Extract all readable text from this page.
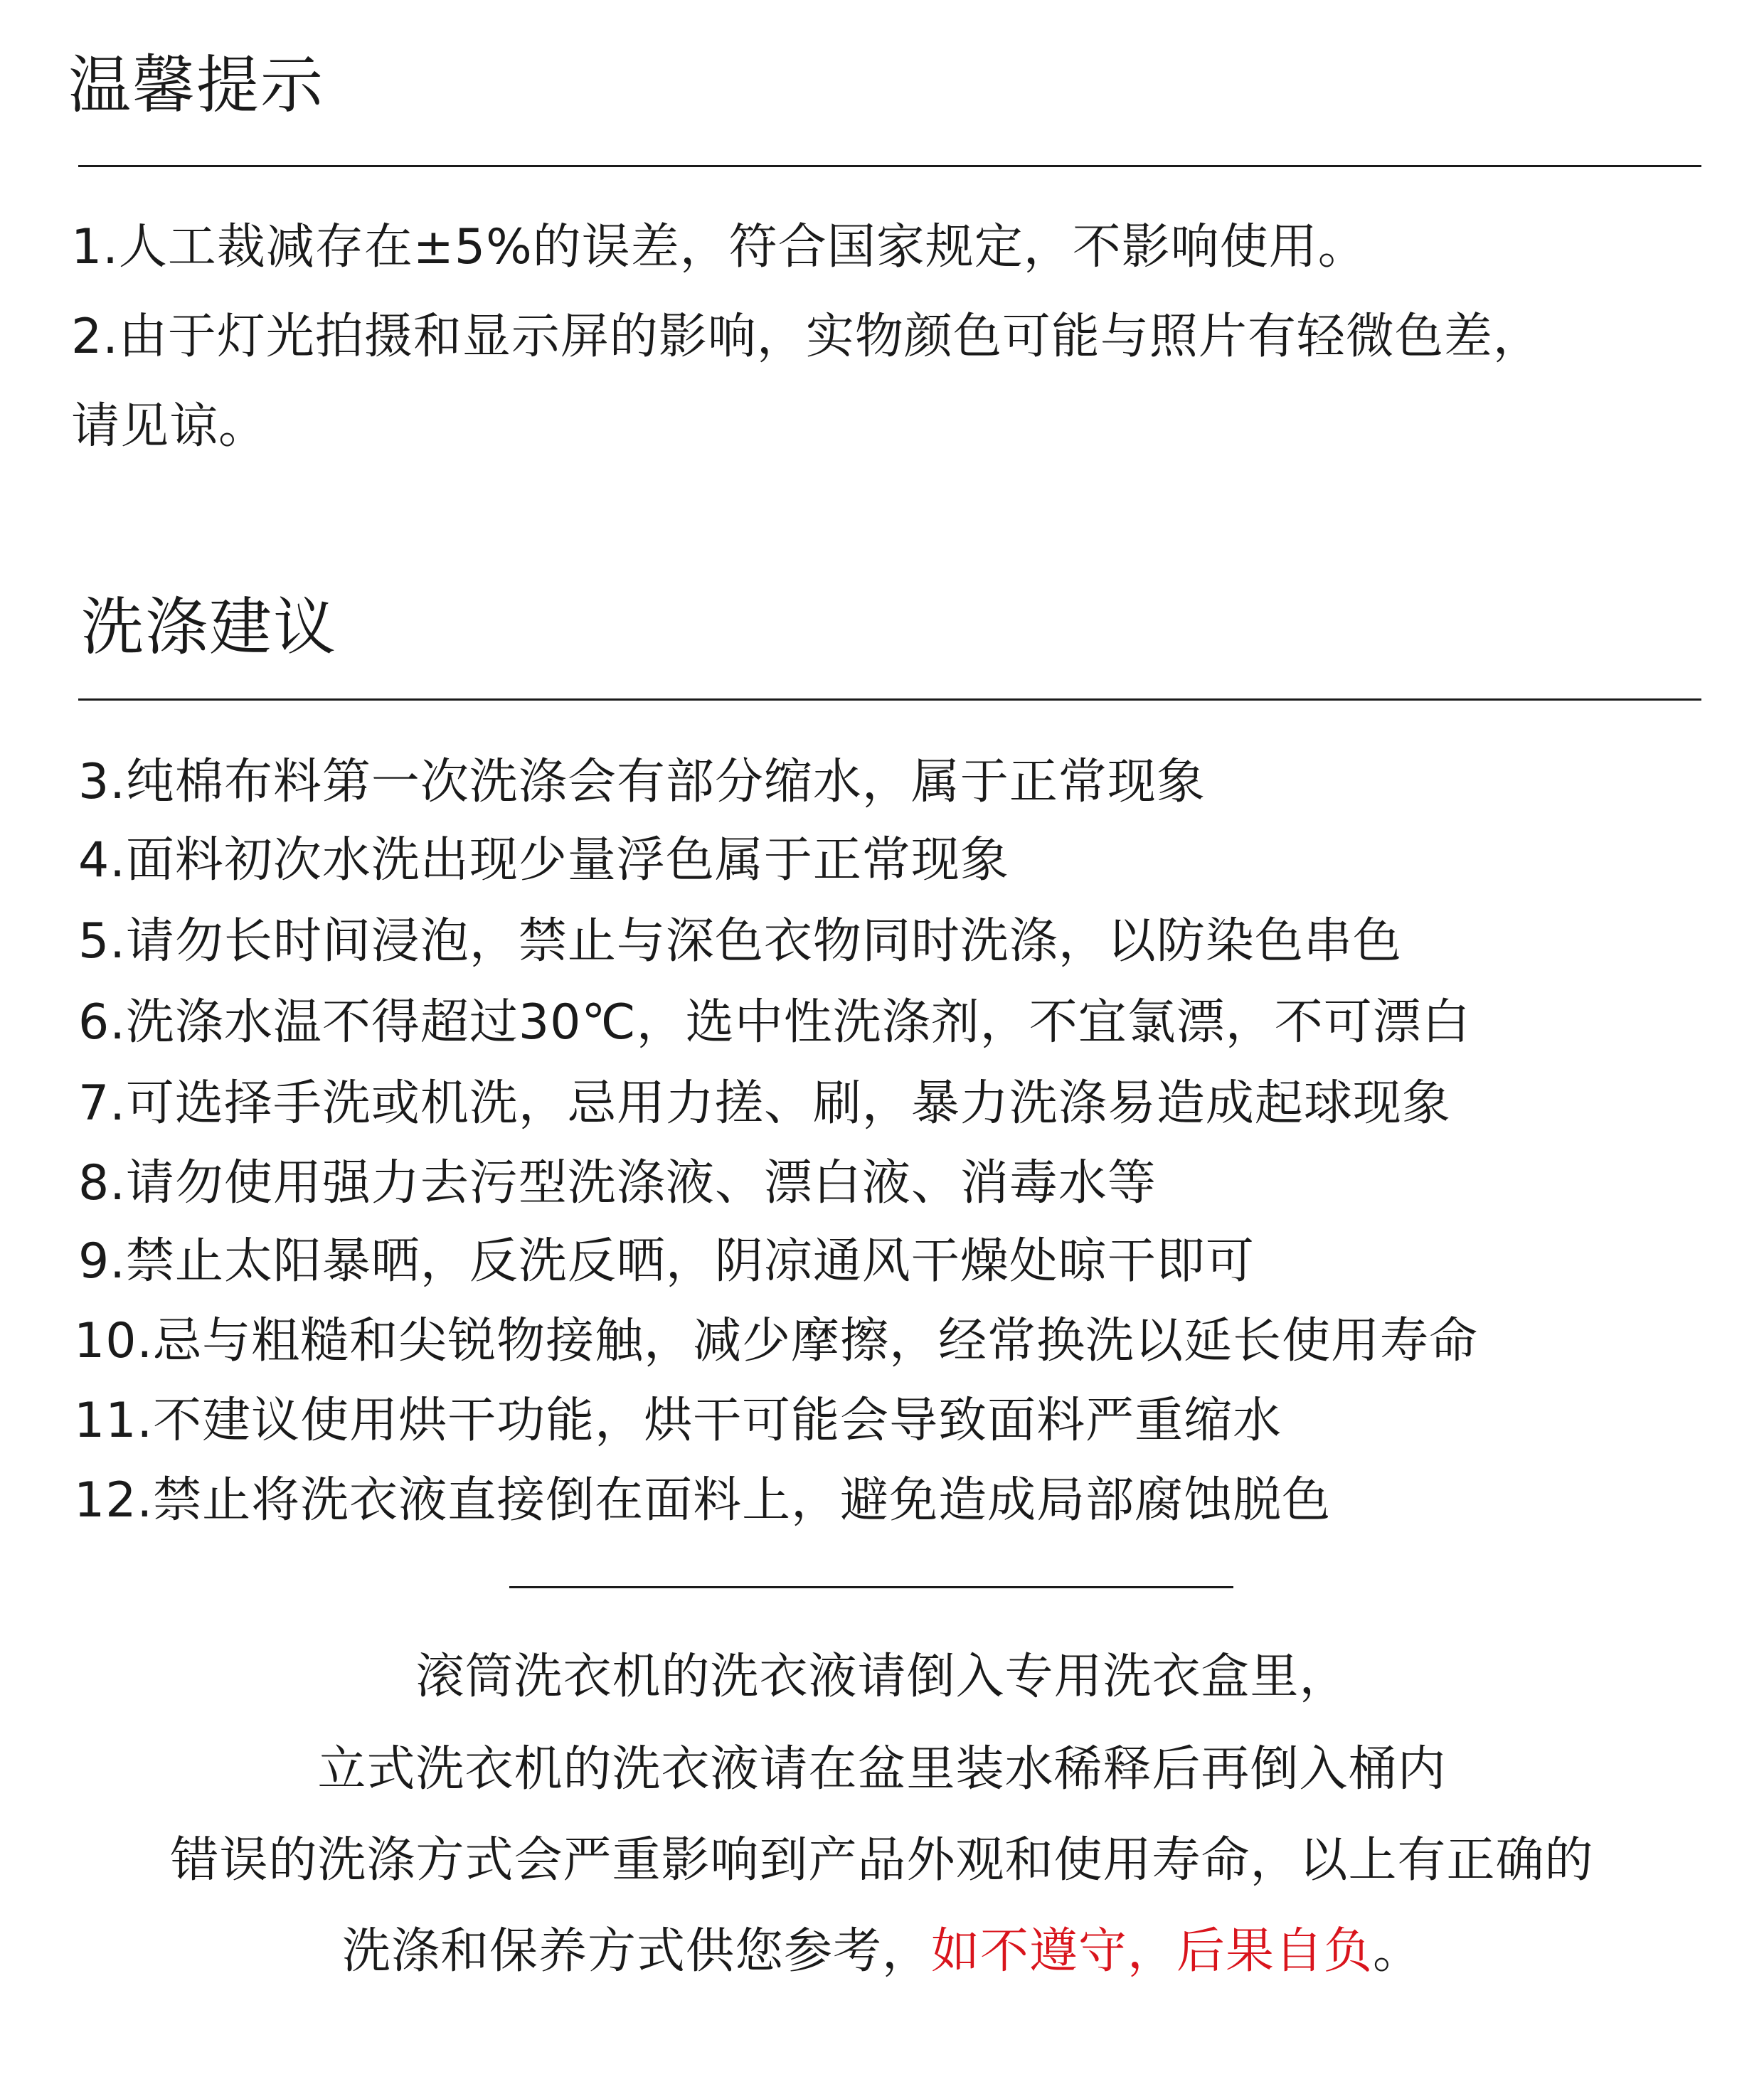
温馨提示
1.人工裁减存在±5%的误差，符合国家规定，不影响使用。
2.由于灯光拍摄和显示屏的影响，实物颜色可能与照片有轻微色差，
请见谅。
洗涤建议
3.纯棉布料第一次洗涤会有部分缩水，属于正常现象
4.面料初次水洗出现少量浮色属于正常现象
5.请勿长时间浸泡，禁止与深色衣物同时洗涤，以防染色串色
6.洗涤水温不得超过30℃，选中性洗涤剂，不宜氯漂，不可漂白
7.可选择手洗或机洗，忌用力搓、刷，暴力洗涤易造成起球现象
8.请勿使用强力去污型洗涤液、漂白液、消毒水等
9.禁止太阳暴晒，反洗反晒，阴凉通风干燥处晾干即可
10.忌与粗糙和尖锐物接触，减少摩擦，经常换洗以延长使用寿命
11.不建议使用烘干功能，烘干可能会导致面料严重缩水
12.禁止将洗衣液直接倒在面料上，避免造成局部腐蚀脱色
滚筒洗衣机的洗衣液请倒入专用洗衣盒里，
立式洗衣机的洗衣液请在盆里装水稀释后再倒入桶内
错误的洗涤方式会严重影响到产品外观和使用寿命，以上有正确的
洗涤和保养方式供您参考，如不遵守，后果自负。
